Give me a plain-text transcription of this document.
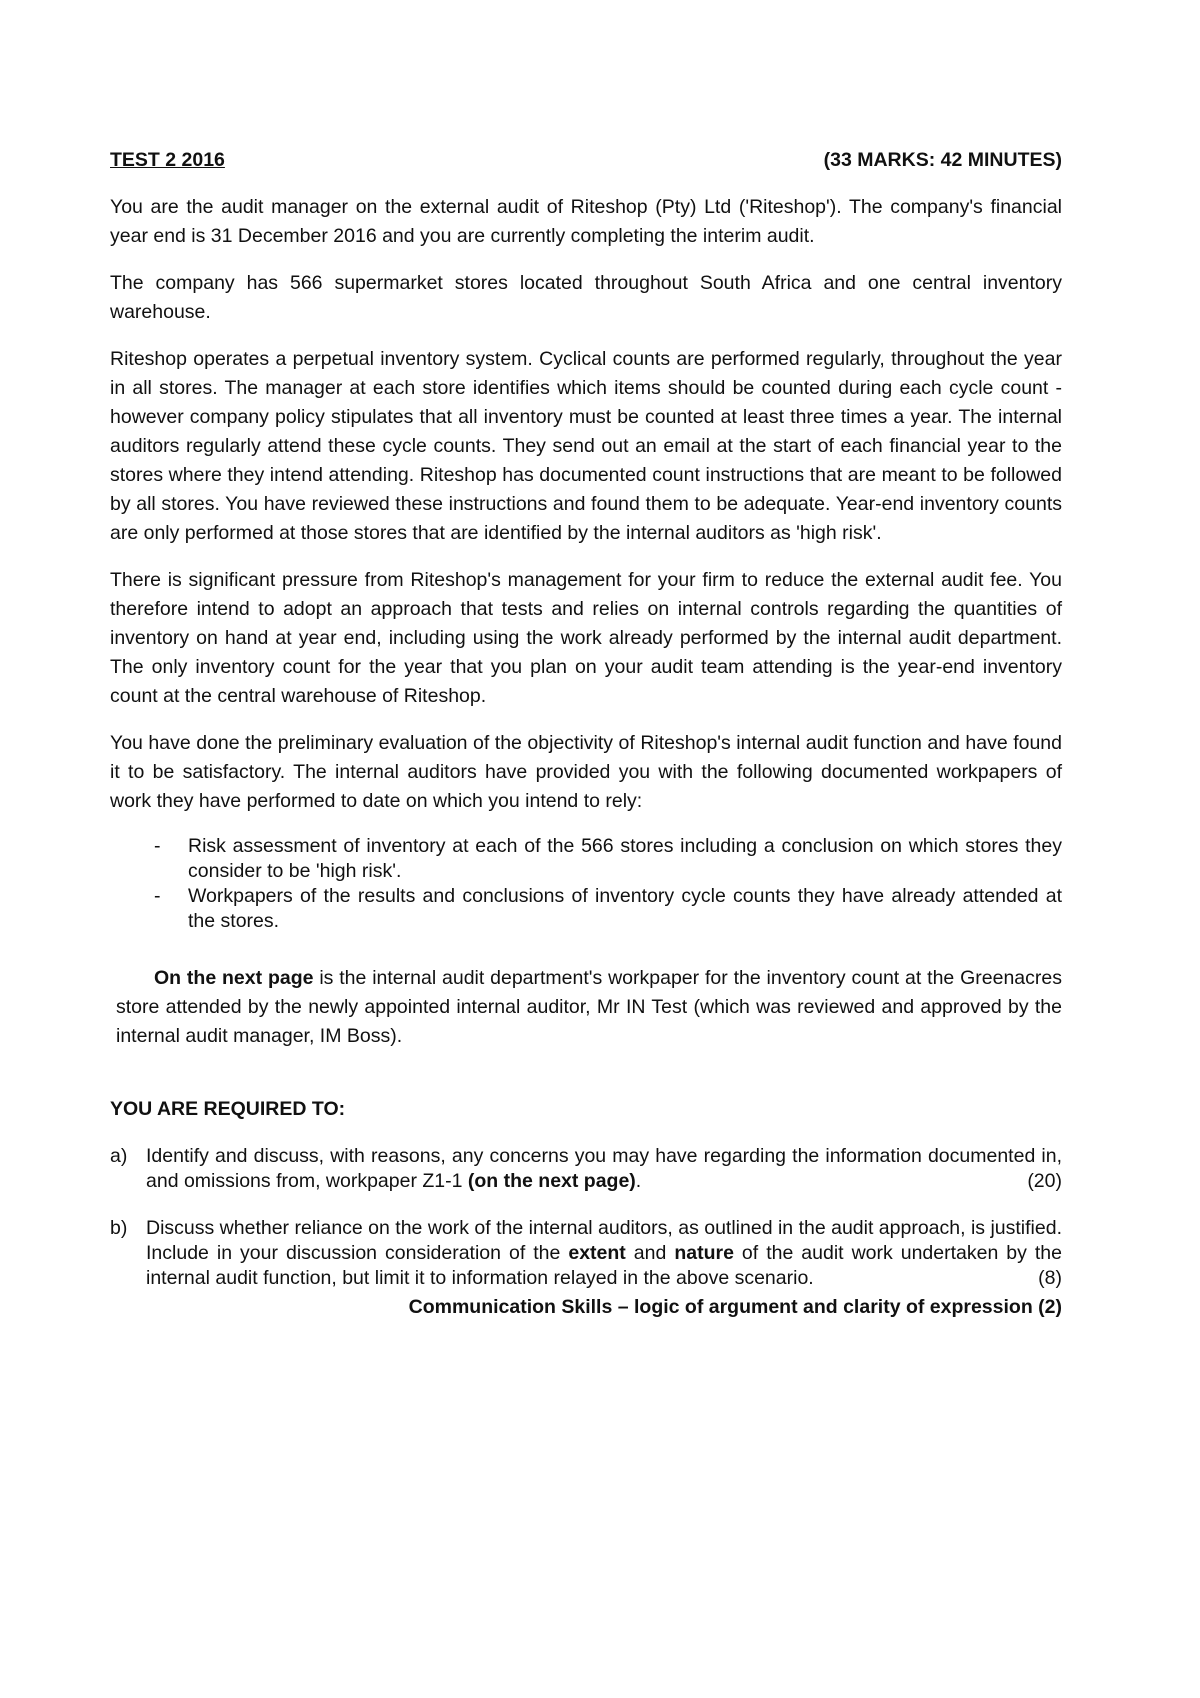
TEST 2 2016	(33 MARKS: 42 MINUTES)

You are the audit manager on the external audit of Riteshop (Pty) Ltd ('Riteshop'). The company's financial year end is 31 December 2016 and you are currently completing the interim audit.

The company has 566 supermarket stores located throughout South Africa and one central inventory warehouse.

Riteshop operates a perpetual inventory system. Cyclical counts are performed regularly, throughout the year in all stores. The manager at each store identifies which items should be counted during each cycle count - however company policy stipulates that all inventory must be counted at least three times a year. The internal auditors regularly attend these cycle counts. They send out an email at the start of each financial year to the stores where they intend attending. Riteshop has documented count instructions that are meant to be followed by all stores. You have reviewed these instructions and found them to be adequate. Year-end inventory counts are only performed at those stores that are identified by the internal auditors as 'high risk'.

There is significant pressure from Riteshop's management for your firm to reduce the external audit fee. You therefore intend to adopt an approach that tests and relies on internal controls regarding the quantities of inventory on hand at year end, including using the work already performed by the internal audit department. The only inventory count for the year that you plan on your audit team attending is the year-end inventory count at the central warehouse of Riteshop.

You have done the preliminary evaluation of the objectivity of Riteshop's internal audit function and have found it to be satisfactory. The internal auditors have provided you with the following documented workpapers of work they have performed to date on which you intend to rely:

- Risk assessment of inventory at each of the 566 stores including a conclusion on which stores they consider to be 'high risk'.
- Workpapers of the results and conclusions of inventory cycle counts they have already attended at the stores.

On the next page is the internal audit department's workpaper for the inventory count at the Greenacres store attended by the newly appointed internal auditor, Mr IN Test (which was reviewed and approved by the internal audit manager, IM Boss).

YOU ARE REQUIRED TO:
a) Identify and discuss, with reasons, any concerns you may have regarding the information documented in, and omissions from, workpaper Z1-1 (on the next page).	(20)
b) Discuss whether reliance on the work of the internal auditors, as outlined in the audit approach, is justified. Include in your discussion consideration of the extent and nature of the audit work undertaken by the internal audit function, but limit it to information relayed in the above scenario.	(8)
Communication Skills – logic of argument and clarity of expression (2)
